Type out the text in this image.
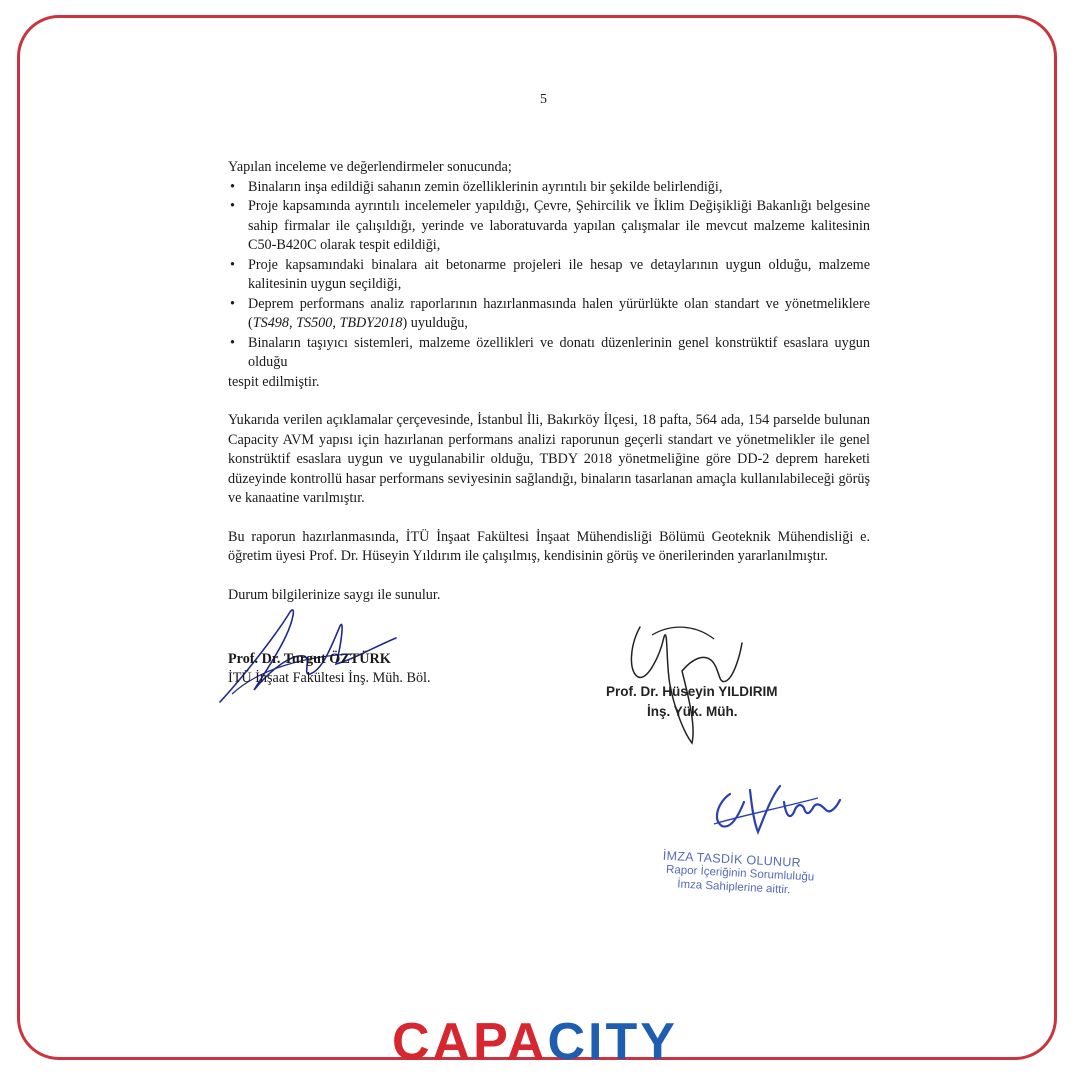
5

Yapılan inceleme ve değerlendirmeler sonucunda;

• Binaların inşa edildiği sahanın zemin özelliklerinin ayrıntılı bir şekilde belirlendiği,
• Proje kapsamında ayrıntılı incelemeler yapıldığı, Çevre, Şehircilik ve İklim Değişikliği Bakanlığı belgesine sahip firmalar ile çalışıldığı, yerinde ve laboratuvarda yapılan çalışmalar ile mevcut malzeme kalitesinin C50-B420C olarak tespit edildiği,
• Proje kapsamındaki binalara ait betonarme projeleri ile hesap ve detaylarının uygun olduğu, malzeme kalitesinin uygun seçildiği,
• Deprem performans analiz raporlarının hazırlanmasında halen yürürlükte olan standart ve yönetmeliklere (TS498, TS500, TBDY2018) uyulduğu,
• Binaların taşıyıcı sistemleri, malzeme özellikleri ve donatı düzenlerinin genel konstrüktif esaslara uygun olduğu

tespit edilmiştir.

Yukarıda verilen açıklamalar çerçevesinde, İstanbul İli, Bakırköy İlçesi, 18 pafta, 564 ada, 154 parselde bulunan Capacity AVM yapısı için hazırlanan performans analizi raporunun geçerli standart ve yönetmelikler ile genel konstrüktif esaslara uygun ve uygulanabilir olduğu, TBDY 2018 yönetmeliğine göre DD-2 deprem hareketi düzeyinde kontrollü hasar performans seviyesinin sağlandığı, binaların tasarlanan amaçla kullanılabileceği görüş ve kanaatine varılmıştır.

Bu raporun hazırlanmasında, İTÜ İnşaat Fakültesi İnşaat Mühendisliği Bölümü Geoteknik Mühendisliği e. öğretim üyesi Prof. Dr. Hüseyin Yıldırım ile çalışılmış, kendisinin görüş ve önerilerinden yararlanılmıştır.

Durum bilgilerinize saygı ile sunulur.

Prof. Dr. Turgut ÖZTÜRK
İTÜ İnşaat Fakültesi İnş. Müh. Böl.
Prof. Dr. Hüseyin YILDIRIM
İnş. Yük. Müh.
İMZA TASDİK OLUNUR
Rapor İçeriğinin Sorumluluğu
İmza Sahiplerine aittir.
CAPACITY
